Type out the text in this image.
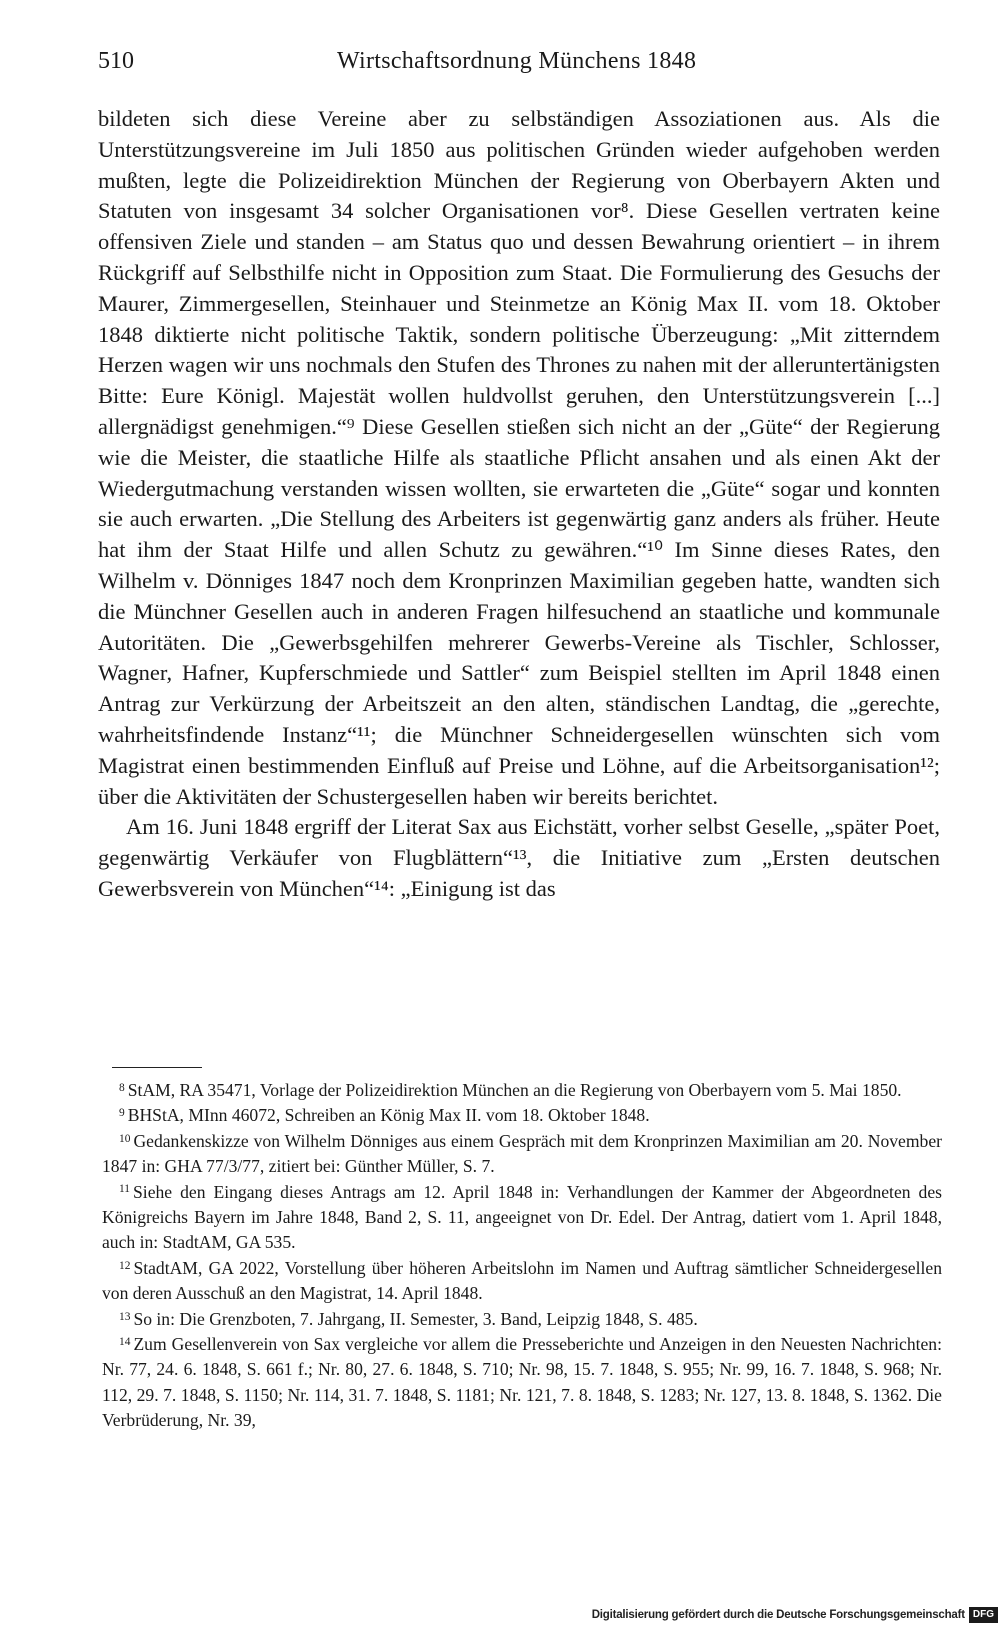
510	Wirtschaftsordnung Münchens 1848

bildeten sich diese Vereine aber zu selbständigen Assoziationen aus. Als die Unterstützungsvereine im Juli 1850 aus politischen Gründen wieder aufgehoben werden mußten, legte die Polizeidirektion München der Regierung von Oberbayern Akten und Statuten von insgesamt 34 solcher Organisationen vor⁸. Diese Gesellen vertraten keine offensiven Ziele und standen – am Status quo und dessen Bewahrung orientiert – in ihrem Rückgriff auf Selbsthilfe nicht in Opposition zum Staat. Die Formulierung des Gesuchs der Maurer, Zimmergesellen, Steinhauer und Steinmetze an König Max II. vom 18. Oktober 1848 diktierte nicht politische Taktik, sondern politische Überzeugung: „Mit zitterndem Herzen wagen wir uns nochmals den Stufen des Thrones zu nahen mit der alleruntertänigsten Bitte: Eure Königl. Majestät wollen huldvollst geruhen, den Unterstützungsverein [...] allergnädigst genehmigen.“⁹ Diese Gesellen stießen sich nicht an der „Güte“ der Regierung wie die Meister, die staatliche Hilfe als staatliche Pflicht ansahen und als einen Akt der Wiedergutmachung verstanden wissen wollten, sie erwarteten die „Güte“ sogar und konnten sie auch erwarten. „Die Stellung des Arbeiters ist gegenwärtig ganz anders als früher. Heute hat ihm der Staat Hilfe und allen Schutz zu gewähren.“¹⁰ Im Sinne dieses Rates, den Wilhelm v. Dönniges 1847 noch dem Kronprinzen Maximilian gegeben hatte, wandten sich die Münchner Gesellen auch in anderen Fragen hilfesuchend an staatliche und kommunale Autoritäten. Die „Gewerbsgehilfen mehrerer Gewerbs-Vereine als Tischler, Schlosser, Wagner, Hafner, Kupferschmiede und Sattler“ zum Beispiel stellten im April 1848 einen Antrag zur Verkürzung der Arbeitszeit an den alten, ständischen Landtag, die „gerechte, wahrheitsfindende Instanz“¹¹; die Münchner Schneidergesellen wünschten sich vom Magistrat einen bestimmenden Einfluß auf Preise und Löhne, auf die Arbeitsorganisation¹²; über die Aktivitäten der Schustergesellen haben wir bereits berichtet.

Am 16. Juni 1848 ergriff der Literat Sax aus Eichstätt, vorher selbst Geselle, „später Poet, gegenwärtig Verkäufer von Flugblättern“¹³, die Initiative zum „Ersten deutschen Gewerbsverein von München“¹⁴: „Einigung ist das

$^8$ StAM, RA 35471, Vorlage der Polizeidirektion München an die Regierung von Oberbayern vom 5. Mai 1850.

$^9$ BHStA, MInn 46072, Schreiben an König Max II. vom 18. Oktober 1848.

$^{10}$ Gedankenskizze von Wilhelm Dönniges aus einem Gespräch mit dem Kronprinzen Maximilian am 20. November 1847 in: GHA 77/3/77, zitiert bei: Günther Müller, S. 7.

$^{11}$ Siehe den Eingang dieses Antrags am 12. April 1848 in: Verhandlungen der Kammer der Abgeordneten des Königreichs Bayern im Jahre 1848, Band 2, S. 11, angeeignet von Dr. Edel. Der Antrag, datiert vom 1. April 1848, auch in: StadtAM, GA 535.

$^{12}$ StadtAM, GA 2022, Vorstellung über höheren Arbeitslohn im Namen und Auftrag sämtlicher Schneidergesellen von deren Ausschuß an den Magistrat, 14. April 1848.

$^{13}$ So in: Die Grenzboten, 7. Jahrgang, II. Semester, 3. Band, Leipzig 1848, S. 485.

$^{14}$ Zum Gesellenverein von Sax vergleiche vor allem die Presseberichte und Anzeigen in den Neuesten Nachrichten: Nr. 77, 24. 6. 1848, S. 661 f.; Nr. 80, 27. 6. 1848, S. 710; Nr. 98, 15. 7. 1848, S. 955; Nr. 99, 16. 7. 1848, S. 968; Nr. 112, 29. 7. 1848, S. 1150; Nr. 114, 31. 7. 1848, S. 1181; Nr. 121, 7. 8. 1848, S. 1283; Nr. 127, 13. 8. 1848, S. 1362. Die Verbrüderung, Nr. 39,

Digitalisierung gefördert durch die Deutsche Forschungsgemeinschaft DFG
